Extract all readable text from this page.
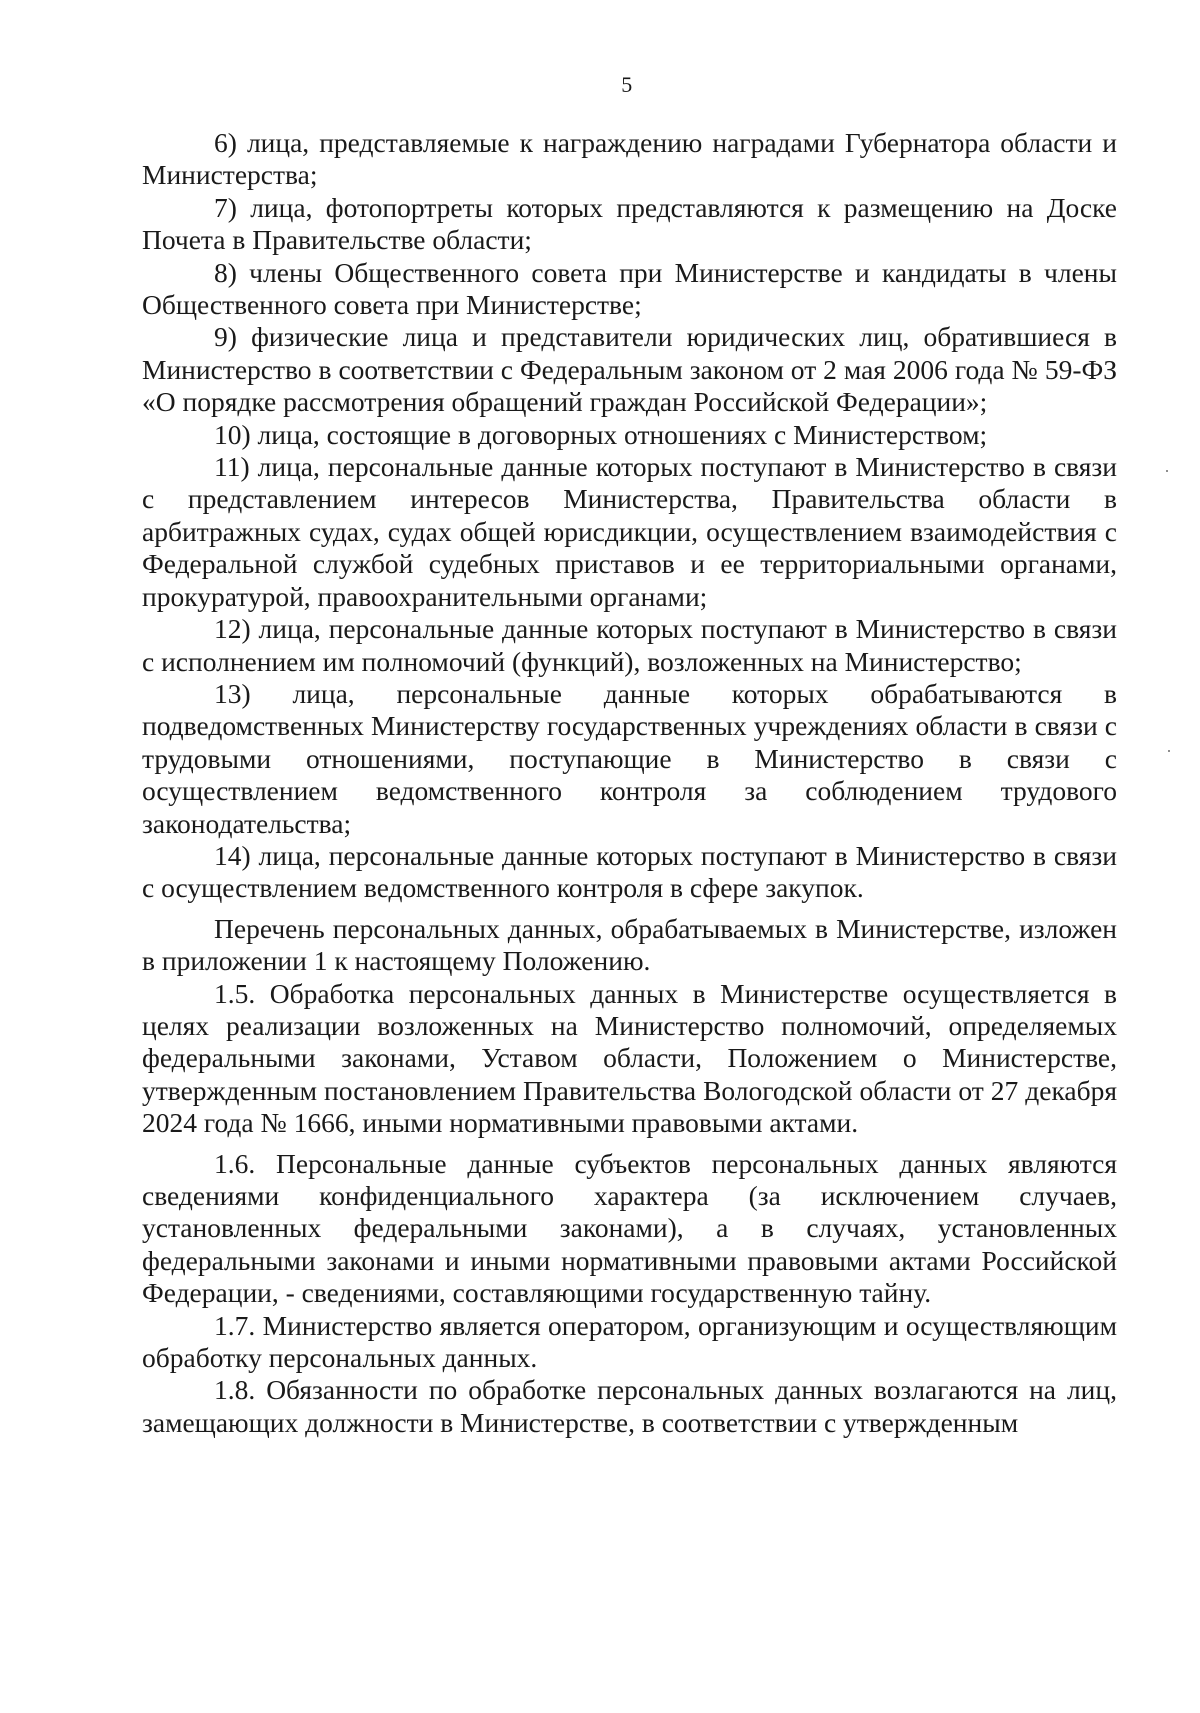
5

6) лица, представляемые к награждению наградами Губернатора области и Министерства;

7) лица, фотопортреты которых представляются к размещению на Доске Почета в Правительстве области;

8) члены Общественного совета при Министерстве и кандидаты в члены Общественного совета при Министерстве;

9) физические лица и представители юридических лиц, обратившиеся в Министерство в соответствии с Федеральным законом от 2 мая 2006 года № 59-ФЗ «О порядке рассмотрения обращений граждан Российской Федерации»;

10) лица, состоящие в договорных отношениях с Министерством;

11) лица, персональные данные которых поступают в Министерство в связи с представлением интересов Министерства, Правительства области в арбитражных судах, судах общей юрисдикции, осуществлением взаимодействия с Федеральной службой судебных приставов и ее территориальными органами, прокуратурой, правоохранительными органами;

12) лица, персональные данные которых поступают в Министерство в связи с исполнением им полномочий (функций), возложенных на Министерство;

13) лица, персональные данные которых обрабатываются в подведомственных Министерству государственных учреждениях области в связи с трудовыми отношениями, поступающие в Министерство в связи с осуществлением ведомственного контроля за соблюдением трудового законодательства;

14) лица, персональные данные которых поступают в Министерство в связи с осуществлением ведомственного контроля в сфере закупок.

Перечень персональных данных, обрабатываемых в Министерстве, изложен в приложении 1 к настоящему Положению.

1.5. Обработка персональных данных в Министерстве осуществляется в целях реализации возложенных на Министерство полномочий, определяемых федеральными законами, Уставом области, Положением о Министерстве, утвержденным постановлением Правительства Вологодской области от 27 декабря 2024 года № 1666, иными нормативными правовыми актами.

1.6. Персональные данные субъектов персональных данных являются сведениями конфиденциального характера (за исключением случаев, установленных федеральными законами), а в случаях, установленных федеральными законами и иными нормативными правовыми актами Российской Федерации, - сведениями, составляющими государственную тайну.

1.7. Министерство является оператором, организующим и осуществляющим обработку персональных данных.

1.8. Обязанности по обработке персональных данных возлагаются на лиц, замещающих должности в Министерстве, в соответствии с утвержденным
